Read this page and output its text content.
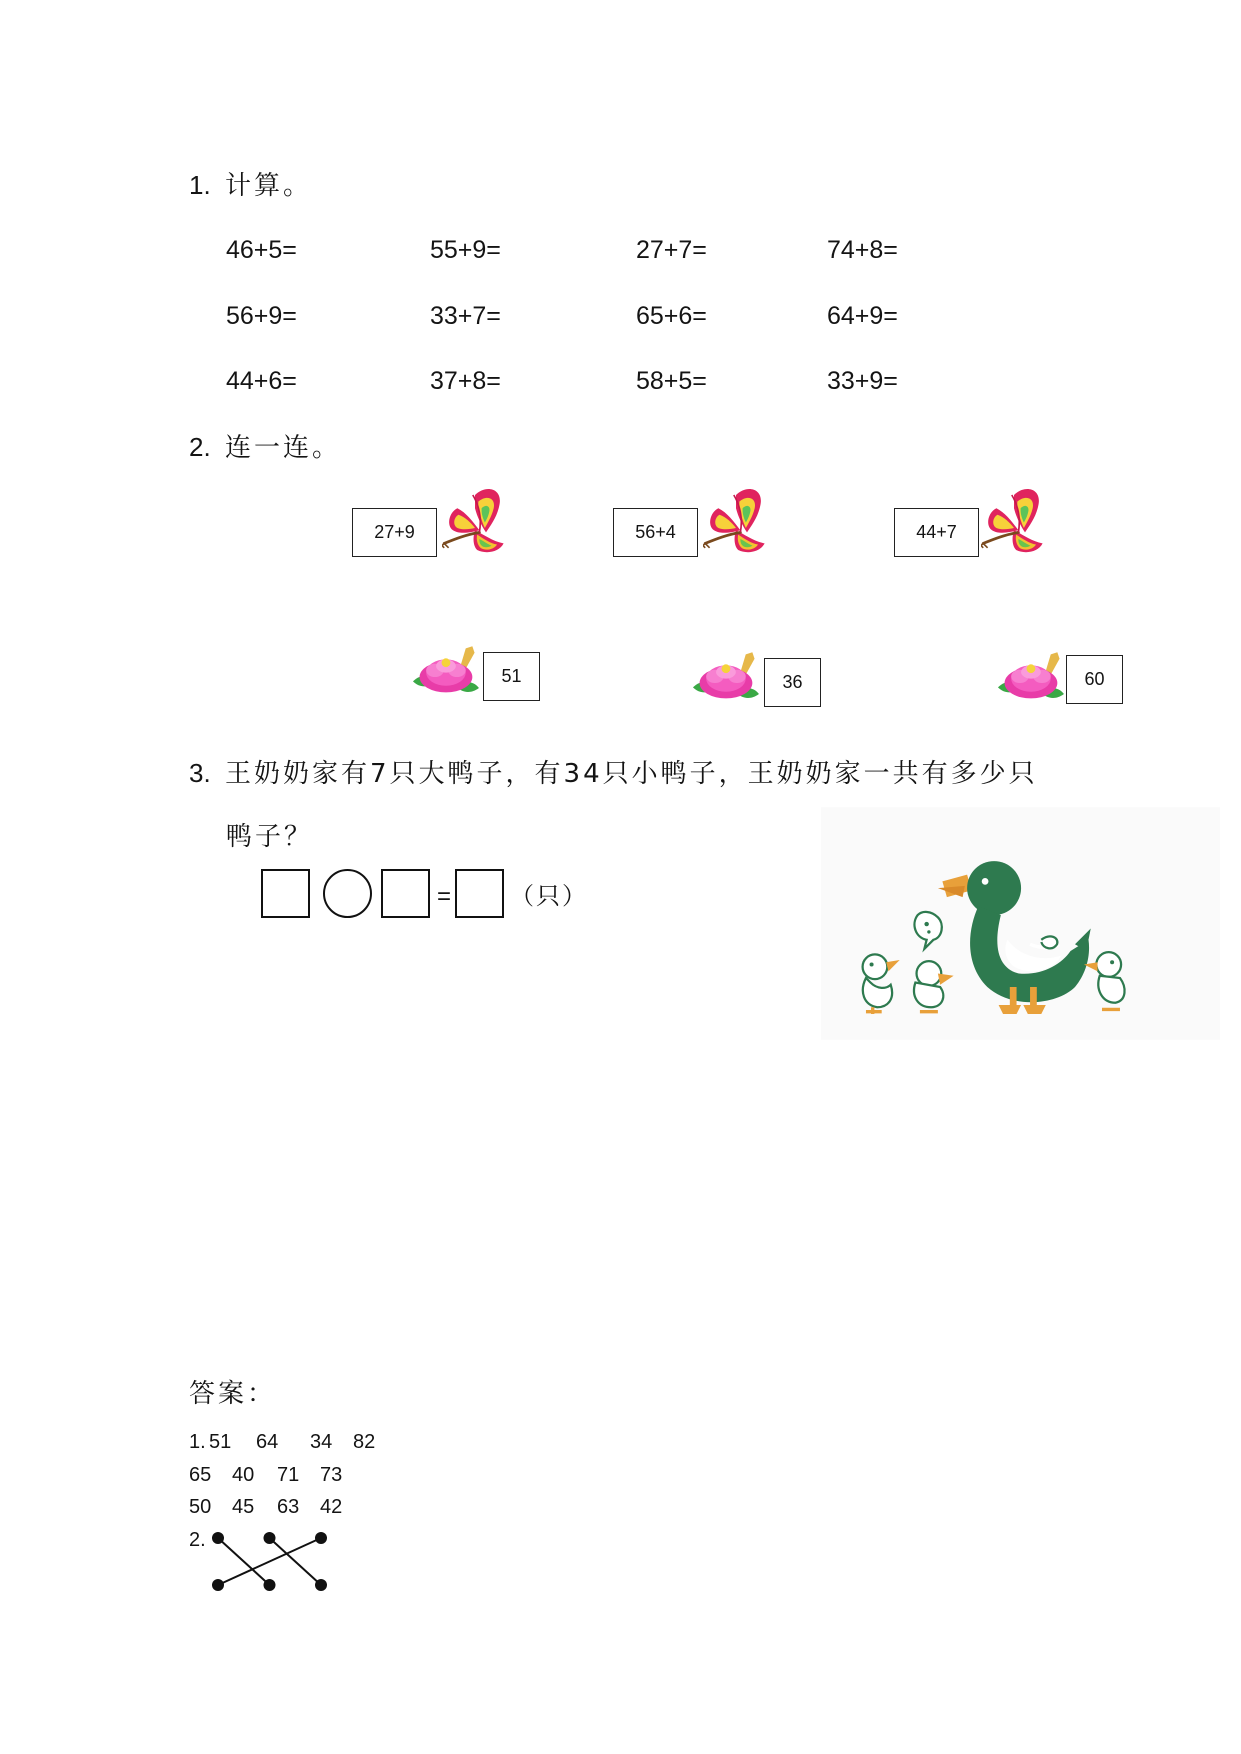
1. 计算。
46+5=	55+9=	27+7=	74+8=
56+9=	33+7=	65+6=	64+9=
44+6=	37+8=	58+5=	33+9=
2. 连一连。
27+9	56+4	44+7
51	36	60
3. 王奶奶家有7只大鸭子，有34只小鸭子，王奶奶家一共有多少只
鸭子？
= （只）
答案：
1. 51 64 34 82
65 40 71 73
50 45 63 42
2.
